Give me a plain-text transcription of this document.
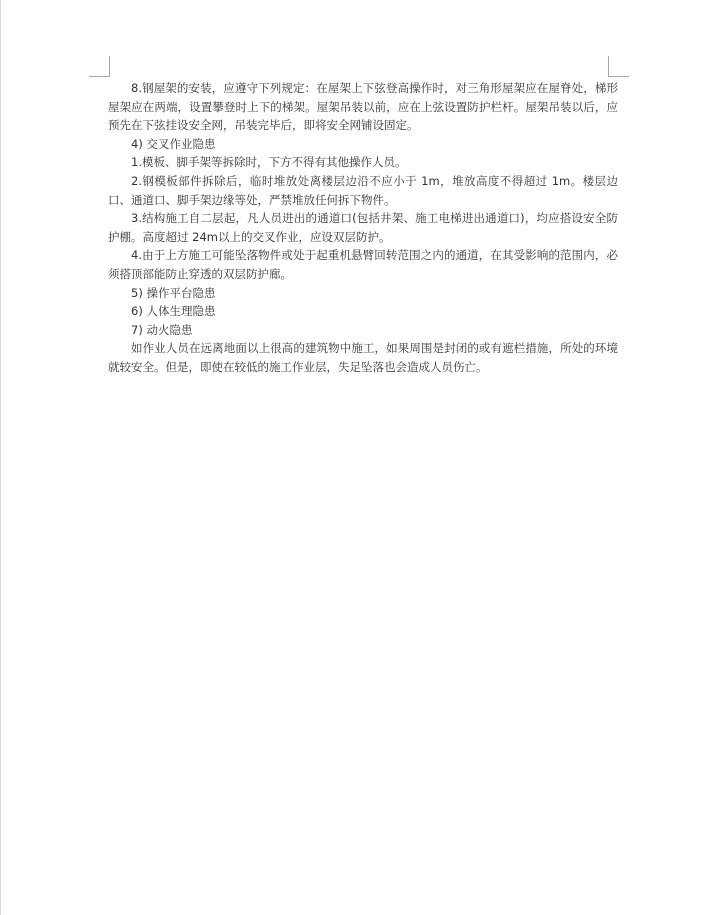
8.钢屋架的安装，应遵守下列规定：在屋架上下弦登高操作时，对三角形屋架应在屋脊处，梯形屋架应在两端，设置攀登时上下的梯架。屋架吊装以前，应在上弦设置防护栏杆。屋架吊装以后，应预先在下弦挂设安全网，吊装完毕后，即将安全网铺设固定。

4) 交叉作业隐患

1.模板、脚手架等拆除时，下方不得有其他操作人员。

2.钢模板部件拆除后，临时堆放处离楼层边沿不应小于 1m，堆放高度不得超过 1m。楼层边口、通道口、脚手架边缘等处，严禁堆放任何拆下物件。

3.结构施工自二层起，凡人员进出的通道口(包括井架、施工电梯进出通道口)，均应搭设安全防护棚。高度超过 24m以上的交叉作业，应设双层防护。

4.由于上方施工可能坠落物件或处于起重机悬臂回转范围之内的通道，在其受影响的范围内，必须搭顶部能防止穿透的双层防护廊。

5) 操作平台隐患

6) 人体生理隐患

7) 动火隐患

如作业人员在远离地面以上很高的建筑物中施工，如果周围是封闭的或有遮栏措施，所处的环境就较安全。但是，即使在较低的施工作业层，失足坠落也会造成人员伤亡。
